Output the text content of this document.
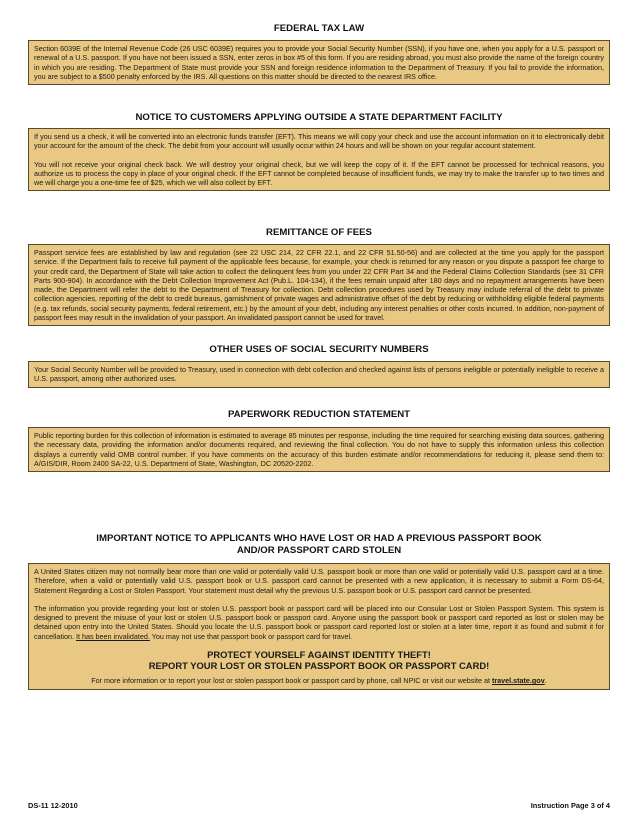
FEDERAL TAX LAW

Section 6039E of the Internal Revenue Code (26 USC 6039E) requires you to provide your Social Security Number (SSN), if you have one, when you apply for a U.S. passport or renewal of a U.S. passport. If you have not been issued a SSN, enter zeros in box #5 of this form. If you are residing abroad, you must also provide the name of the foreign country in which you are residing. The Department of State must provide your SSN and foreign residence information to the Department of Treasury. If you fail to provide the information, you are subject to a $500 penalty enforced by the IRS. All questions on this matter should be directed to the nearest IRS office.

NOTICE TO CUSTOMERS APPLYING OUTSIDE A STATE DEPARTMENT FACILITY

If you send us a check, it will be converted into an electronic funds transfer (EFT). This means we will copy your check and use the account information on it to electronically debit your account for the amount of the check. The debit from your account will usually occur within 24 hours and will be shown on your regular account statement.

You will not receive your original check back. We will destroy your original check, but we will keep the copy of it. If the EFT cannot be processed for technical reasons, you authorize us to process the copy in place of your original check. If the EFT cannot be completed because of insufficient funds, we may try to make the transfer up to two times and we will charge you a one-time fee of $25, which we will also collect by EFT.

REMITTANCE OF FEES

Passport service fees are established by law and regulation (see 22 USC 214, 22 CFR 22.1, and 22 CFR 51.50-56) and are collected at the time you apply for the passport service. If the Department fails to receive full payment of the applicable fees because, for example, your check is returned for any reason or you dispute a passport fee charge to your credit card, the Department of State will take action to collect the delinquent fees from you under 22 CFR Part 34 and the Federal Claims Collection Standards (see 31 CFR Parts 900-904). In accordance with the Debt Collection Improvement Act (Pub.L. 104-134), if the fees remain unpaid after 180 days and no repayment arrangements have been made, the Department will refer the debt to the Department of Treasury for collection. Debt collection procedures used by Treasury may include referral of the debt to private collection agencies, reporting of the debt to credit bureaus, garnishment of private wages and administrative offset of the debt by reducing or withholding eligible federal payments (e.g. tax refunds, social security payments, federal retirement, etc.) by the amount of your debt, including any interest penalties or other costs incurred. In addition, non-payment of passport fees may result in the invalidation of your passport. An invalidated passport cannot be used for travel.

OTHER USES OF SOCIAL SECURITY NUMBERS

Your Social Security Number will be provided to Treasury, used in connection with debt collection and checked against lists of persons ineligible or potentially ineligible to receive a U.S. passport, among other authorized uses.

PAPERWORK REDUCTION STATEMENT

Public reporting burden for this collection of information is estimated to average 85 minutes per response, including the time required for searching existing data sources, gathering the necessary data, providing the information and/or documents required, and reviewing the final collection. You do not have to supply this information unless this collection displays a currently valid OMB control number. If you have comments on the accuracy of this burden estimate and/or recommendations for reducing it, please send them to: A/GIS/DIR, Room 2400 SA-22, U.S. Department of State, Washington, DC 20520-2202.

IMPORTANT NOTICE TO APPLICANTS WHO HAVE LOST OR HAD A PREVIOUS PASSPORT BOOK
AND/OR PASSPORT CARD STOLEN

A United States citizen may not normally bear more than one valid or potentially valid U.S. passport book or more than one valid or potentially valid U.S. passport card at a time. Therefore, when a valid or potentially valid U.S. passport book or U.S. passport card cannot be presented with a new application, it is necessary to submit a Form DS-64, Statement Regarding a Lost or Stolen Passport. Your statement must detail why the previous U.S. passport book or U.S. passport card cannot be presented.

The information you provide regarding your lost or stolen U.S. passport book or passport card will be placed into our Consular Lost or Stolen Passport System. This system is designed to prevent the misuse of your lost or stolen U.S. passport book or passport card. Anyone using the passport book or passport card reported as lost or stolen may be detained upon entry into the United States. Should you locate the U.S. passport book or passport card reported lost or stolen at a later time, report it as found and submit it for cancellation. It has been invalidated. You may not use that passport book or passport card for travel.

PROTECT YOURSELF AGAINST IDENTITY THEFT!
REPORT YOUR LOST OR STOLEN PASSPORT BOOK OR PASSPORT CARD!
For more information or to report your lost or stolen passport book or passport card by phone, call NPIC or visit our website at travel.state.gov.
DS-11 12-2010	Instruction Page 3 of 4
